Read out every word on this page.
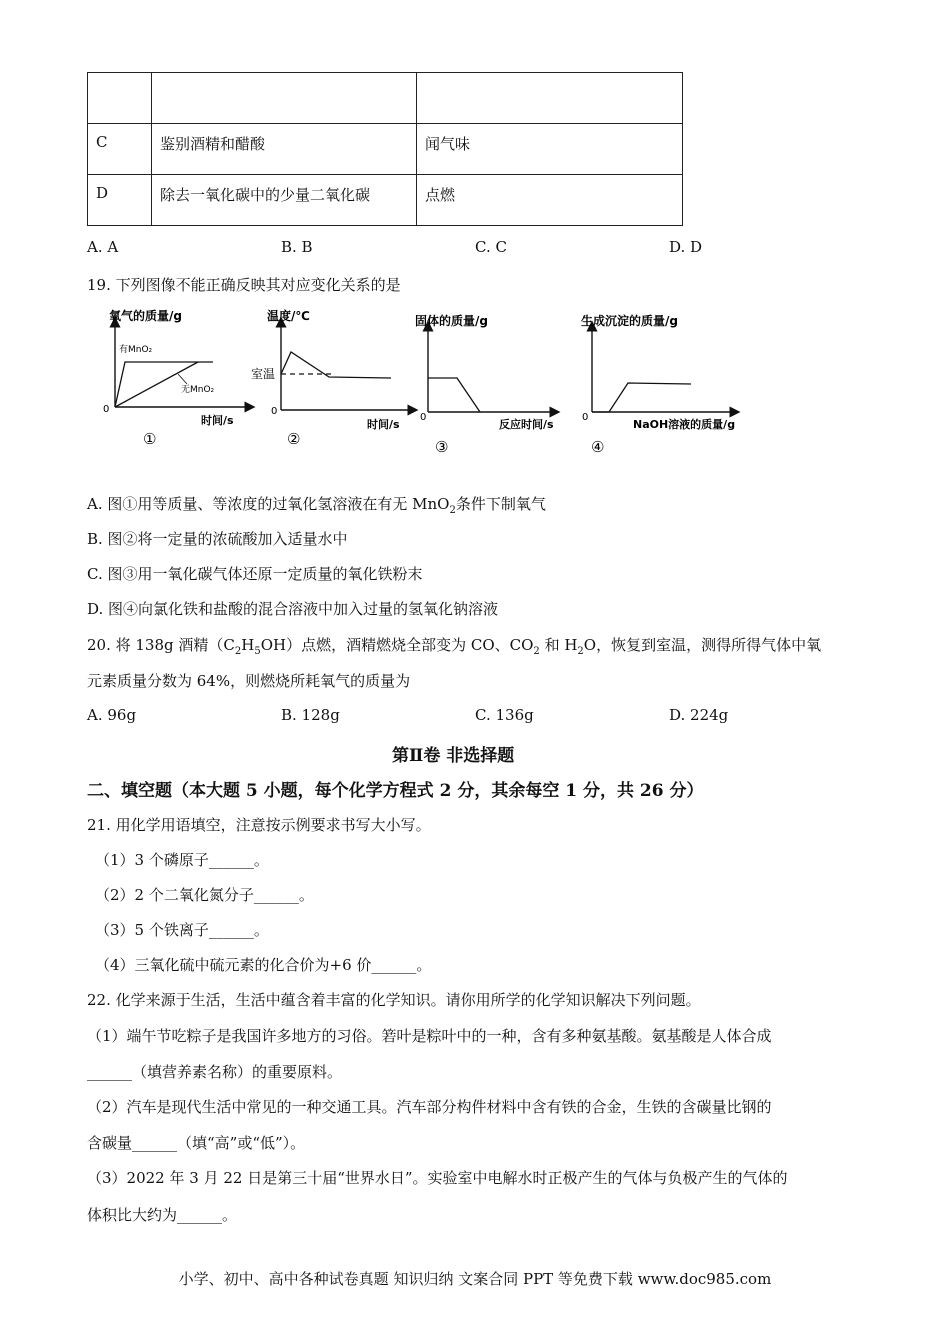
C	鉴别酒精和醋酸	闻气味
D	除去一氧化碳中的少量二氧化碳	点燃
A. A	B. B	C. C	D. D
19. 下列图像不能正确反映其对应变化关系的是
氧气的质量/g
有MnO₂
无MnO₂
0
时间/s
①
温度/℃
室温
0
时间/s
②
固体的质量/g
0
反应时间/s
③
生成沉淀的质量/g
0
NaOH溶液的质量/g
④
A. 图①用等质量、等浓度的过氧化氢溶液在有无 MnO$_2$条件下制氧气
B. 图②将一定量的浓硫酸加入适量水中
C. 图③用一氧化碳气体还原一定质量的氧化铁粉末
D. 图④向氯化铁和盐酸的混合溶液中加入过量的氢氧化钠溶液
20. 将 138g 酒精$(C_2H_5OH)$点燃，酒精燃烧全部变为 CO、$CO_2$ 和 $H_2O$，恢复到室温，测得所得气体中氧
元素质量分数为 64%，则燃烧所耗氧气的质量为
A. 96g	B. 128g	C. 136g	D. 224g
第Ⅱ卷 非选择题
二、填空题（本大题 5 小题，每个化学方程式 2 分，其余每空 1 分，共 26 分）
21. 用化学用语填空，注意按示例要求书写大小写。
（1）3 个磷原子______。
（2）2 个二氧化氮分子______。
（3）5 个铁离子______。
（4）三氧化硫中硫元素的化合价为+6 价______。
22. 化学来源于生活，生活中蕴含着丰富的化学知识。请你用所学的化学知识解决下列问题。
（1）端午节吃粽子是我国许多地方的习俗。箬叶是粽叶中的一种，含有多种氨基酸。氨基酸是人体合成
______（填营养素名称）的重要原料。
（2）汽车是现代生活中常见的一种交通工具。汽车部分构件材料中含有铁的合金，生铁的含碳量比钢的
含碳量______（填“高”或“低”）。
（3）2022 年 3 月 22 日是第三十届“世界水日”。实验室中电解水时正极产生的气体与负极产生的气体的
体积比大约为______。
小学、初中、高中各种试卷真题 知识归纳 文案合同 PPT 等免费下载 www.doc985.com
